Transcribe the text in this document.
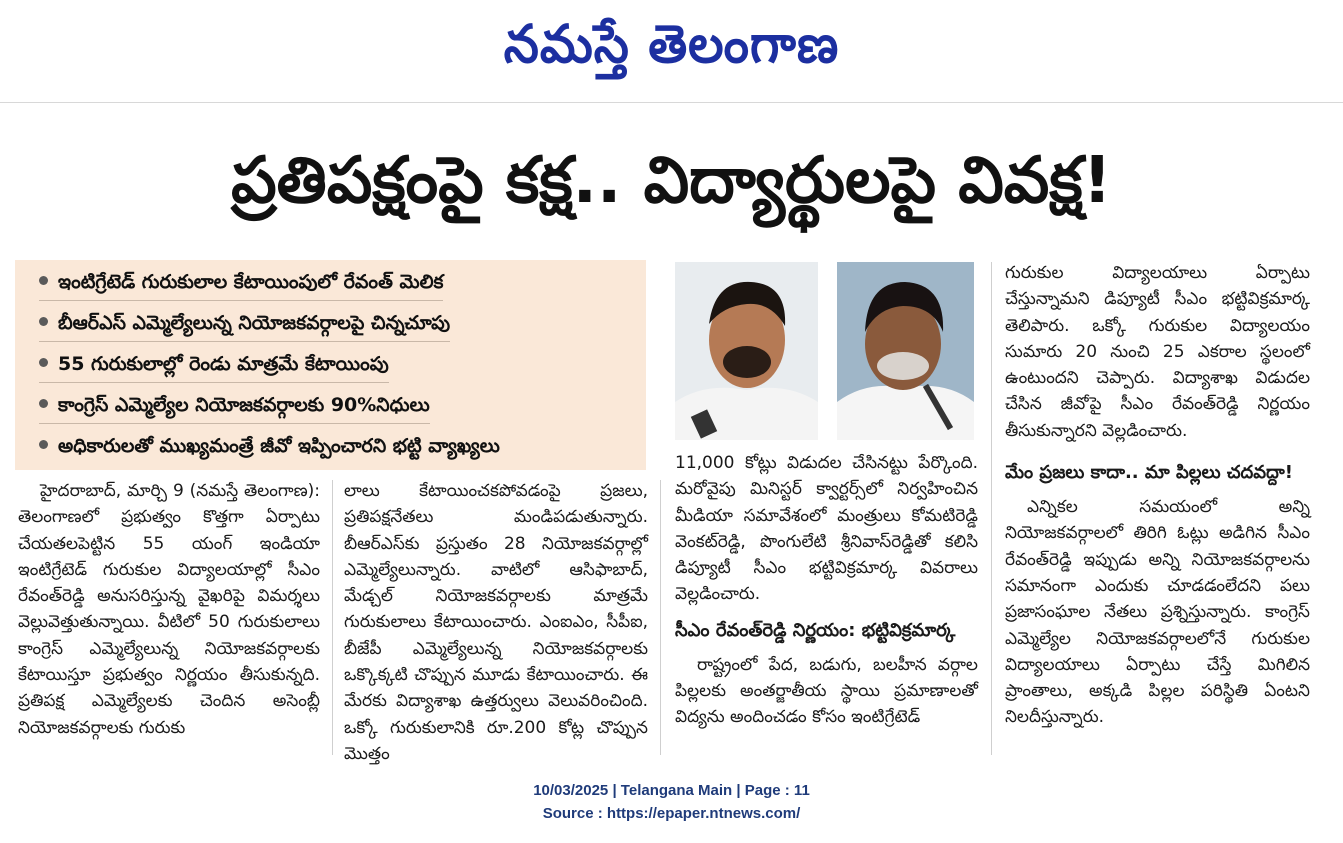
నమస్తే తెలంగాణ
ప్రతిపక్షంపై కక్ష.. విద్యార్థులపై వివక్ష!
ఇంటిగ్రేటెడ్ గురుకులాల కేటాయింపులో రేవంత్ మెలిక
బీఆర్ఎస్ ఎమ్మెల్యేలున్న నియోజకవర్గాలపై చిన్నచూపు
55 గురుకులాల్లో రెండు మాత్రమే కేటాయింపు
కాంగ్రెస్ ఎమ్మెల్యేల నియోజకవర్గాలకు 90%నిధులు
అధికారులతో ముఖ్యమంత్రే జీవో ఇప్పించారని భట్టి వ్యాఖ్యలు

హైదరాబాద్, మార్చి 9 (నమస్తే తెలంగాణ): తెలంగాణలో ప్రభుత్వం కొత్తగా ఏర్పాటు చేయతలపెట్టిన 55 యంగ్ ఇండియా ఇంటిగ్రేటెడ్ గురుకుల విద్యాలయాల్లో సీఎం రేవంత్‌రెడ్డి అనుసరిస్తున్న వైఖరిపై విమర్శలు వెల్లువెత్తుతున్నాయి. వీటిలో 50 గురుకులాలు కాంగ్రెస్ ఎమ్మెల్యేలున్న నియోజకవర్గాలకు కేటాయిస్తూ ప్రభుత్వం నిర్ణయం తీసుకున్నది. ప్రతిపక్ష ఎమ్మెల్యేలకు చెందిన అసెంబ్లీ నియోజకవర్గాలకు గురుకు

లాలు కేటాయించకపోవడంపై ప్రజలు, ప్రతిపక్షనేతలు మండిపడుతున్నారు. బీఆర్ఎస్‌కు ప్రస్తుతం 28 నియోజకవర్గాల్లో ఎమ్మెల్యేలున్నారు. వాటిలో ఆసిఫాబాద్, మేడ్చల్ నియోజకవర్గాలకు మాత్రమే గురుకులాలు కేటాయించారు. ఎంఐఎం, సీపీఐ, బీజేపీ ఎమ్మెల్యేలున్న నియోజకవర్గాలకు ఒక్కొక్కటి చొప్పున మూడు కేటాయించారు. ఈ మేరకు విద్యాశాఖ ఉత్తర్వులు వెలువరించింది. ఒక్కో గురుకులానికి రూ.200 కోట్ల చొప్పున మొత్తం

11,000 కోట్లు విడుదల చేసినట్టు పేర్కొంది. మరోవైపు మినిస్టర్ క్వార్టర్స్‌లో నిర్వహించిన మీడియా సమావేశంలో మంత్రులు కోమటిరెడ్డి వెంకట్‌రెడ్డి, పొంగులేటి శ్రీనివాస్‌రెడ్డితో కలిసి డిప్యూటీ సీఎం భట్టివిక్రమార్క వివరాలు వెల్లడించారు.

సీఎం రేవంత్‌రెడ్డి నిర్ణయం: భట్టివిక్రమార్క

రాష్ట్రంలో పేద, బడుగు, బలహీన వర్గాల పిల్లలకు అంతర్జాతీయ స్థాయి ప్రమాణాలతో విద్యను అందించడం కోసం ఇంటిగ్రేటెడ్

గురుకుల విద్యాలయాలు ఏర్పాటు చేస్తున్నామని డిప్యూటీ సీఎం భట్టివిక్రమార్క తెలిపారు. ఒక్కో గురుకుల విద్యాలయం సుమారు 20 నుంచి 25 ఎకరాల స్థలంలో ఉంటుందని చెప్పారు. విద్యాశాఖ విడుదల చేసిన జీవోపై సీఎం రేవంత్‌రెడ్డి నిర్ణయం తీసుకున్నారని వెల్లడించారు.

మేం ప్రజలు కాదా.. మా పిల్లలు చదవద్దా!

ఎన్నికల సమయంలో అన్ని నియోజకవర్గాలలో తిరిగి ఓట్లు అడిగిన సీఎం రేవంత్‌రెడ్డి ఇప్పుడు అన్ని నియోజకవర్గాలను సమానంగా ఎందుకు చూడడంలేదని పలు ప్రజాసంఘాల నేతలు ప్రశ్నిస్తున్నారు. కాంగ్రెస్ ఎమ్మెల్యేల నియోజకవర్గాలలోనే గురుకుల విద్యాలయాలు ఏర్పాటు చేస్తే మిగిలిన ప్రాంతాలు, అక్కడి పిల్లల పరిస్థితి ఏంటని నిలదీస్తున్నారు.

10/03/2025 | Telangana Main | Page : 11
Source : https://epaper.ntnews.com/
